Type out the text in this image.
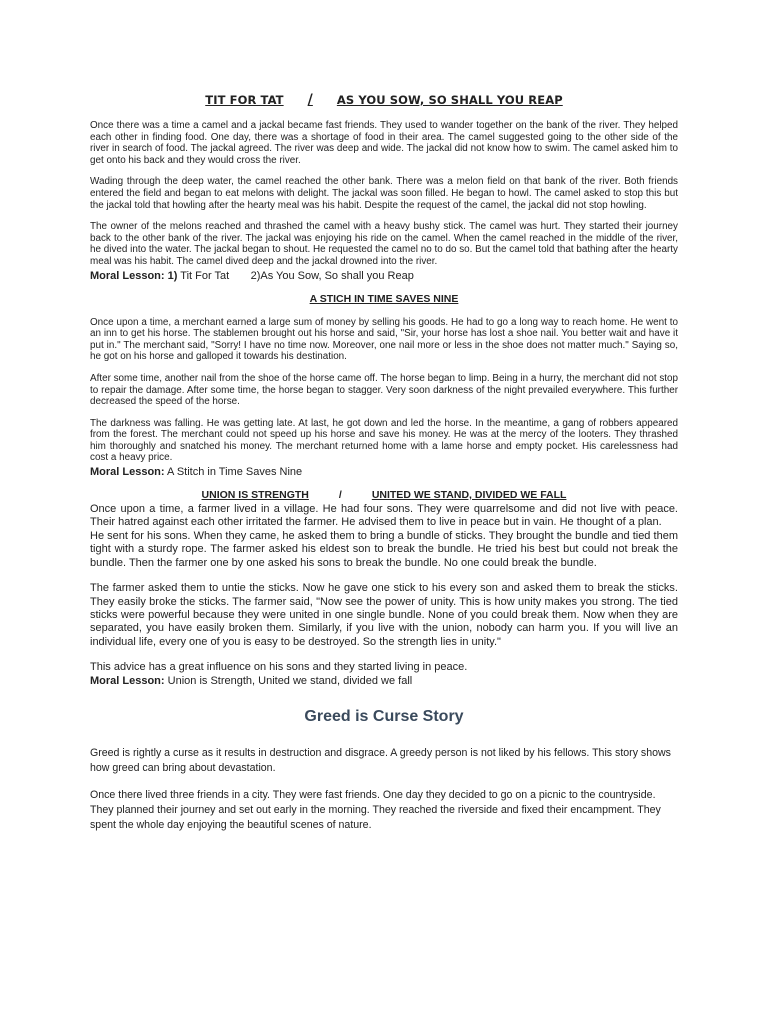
TIT FOR TAT / AS YOU SOW, SO SHALL YOU REAP

Once there was a time a camel and a jackal became fast friends. They used to wander together on the bank of the river. They helped each other in finding food. One day, there was a shortage of food in their area. The camel suggested going to the other side of the river in search of food. The jackal agreed. The river was deep and wide. The jackal did not know how to swim. The camel asked him to get onto his back and they would cross the river.

Wading through the deep water, the camel reached the other bank. There was a melon field on that bank of the river. Both friends entered the field and began to eat melons with delight. The jackal was soon filled. He began to howl. The camel asked to stop this but the jackal told that howling after the hearty meal was his habit. Despite the request of the camel, the jackal did not stop howling.

The owner of the melons reached and thrashed the camel with a heavy bushy stick. The camel was hurt. They started their journey back to the other bank of the river. The jackal was enjoying his ride on the camel. When the camel reached in the middle of the river, he dived into the water. The jackal began to shout. He requested the camel no to do so. But the camel told that bathing after the hearty meal was his habit. The camel dived deep and the jackal drowned into the river.

Moral Lesson: 1) Tit For Tat       2)As You Sow, So shall you Reap
A STICH IN TIME SAVES NINE

Once upon a time, a merchant earned a large sum of money by selling his goods. He had to go a long way to reach home. He went to an inn to get his horse. The stablemen brought out his horse and said, "Sir, your horse has lost a shoe nail. You better wait and have it put in." The merchant said, "Sorry! I have no time now. Moreover, one nail more or less in the shoe does not matter much." Saying so, he got on his horse and galloped it towards his destination.

After some time, another nail from the shoe of the horse came off. The horse began to limp. Being in a hurry, the merchant did not stop to repair the damage. After some time, the horse began to stagger. Very soon darkness of the night prevailed everywhere. This further decreased the speed of the horse.

The darkness was falling. He was getting late. At last, he got down and led the horse. In the meantime, a gang of robbers appeared from the forest. The merchant could not speed up his horse and save his money. He was at the mercy of the looters. They thrashed him thoroughly and snatched his money. The merchant returned home with a lame horse and empty pocket. His carelessness had cost a heavy price.

Moral Lesson: A Stitch in Time Saves Nine
UNION IS STRENGTH	/	UNITED WE STAND, DIVIDED WE FALL

Once upon a time, a farmer lived in a village. He had four sons. They were quarrelsome and did not live with peace. Their hatred against each other irritated the farmer. He advised them to live in peace but in vain. He thought of a plan.

He sent for his sons. When they came, he asked them to bring a bundle of sticks. They brought the bundle and tied them tight with a sturdy rope. The farmer asked his eldest son to break the bundle. He tried his best but could not break the bundle. Then the farmer one by one asked his sons to break the bundle. No one could break the bundle.

The farmer asked them to untie the sticks. Now he gave one stick to his every son and asked them to break the sticks. They easily broke the sticks. The farmer said, "Now see the power of unity. This is how unity makes you strong. The tied sticks were powerful because they were united in one single bundle. None of you could break them. Now when they are separated, you have easily broken them. Similarly, if you live with the union, nobody can harm you. If you will live an individual life, every one of you is easy to be destroyed. So the strength lies in unity."

This advice has a great influence on his sons and they started living in peace.

Moral Lesson: Union is Strength, United we stand, divided we fall
Greed is Curse Story

Greed is rightly a curse as it results in destruction and disgrace. A greedy person is not liked by his fellows. This story shows how greed can bring about devastation.

Once there lived three friends in a city. They were fast friends. One day they decided to go on a picnic to the countryside. They planned their journey and set out early in the morning. They reached the riverside and fixed their encampment. They spent the whole day enjoying the beautiful scenes of nature.
